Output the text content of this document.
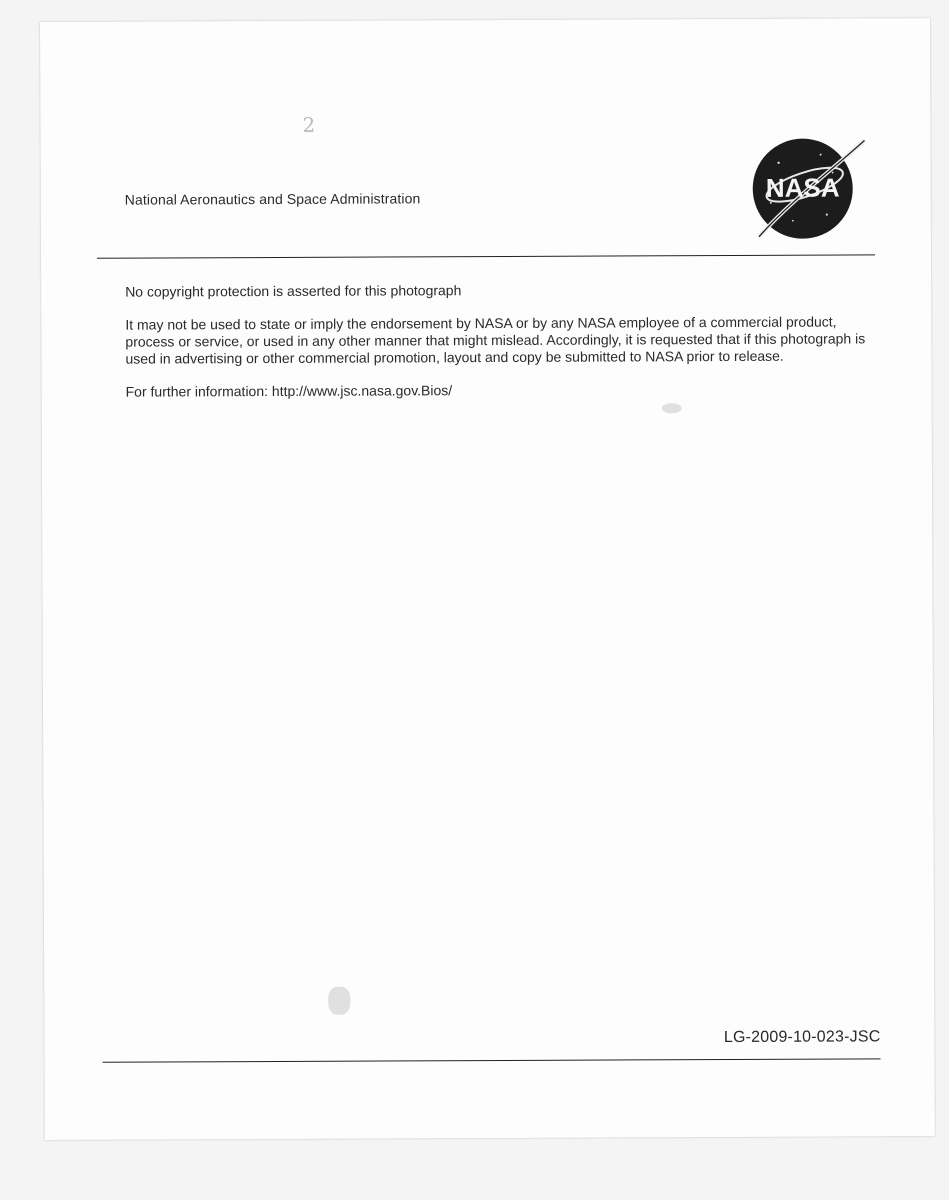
2
National Aeronautics and Space Administration	NASA

No copyright protection is asserted for this photograph

It may not be used to state or imply the endorsement by NASA or by any NASA employee of a commercial product, process or service, or used in any other manner that might mislead. Accordingly, it is requested that if this photograph is used in advertising or other commercial promotion, layout and copy be submitted to NASA prior to release.

For further information: http://www.jsc.nasa.gov.Bios/

LG-2009-10-023-JSC
